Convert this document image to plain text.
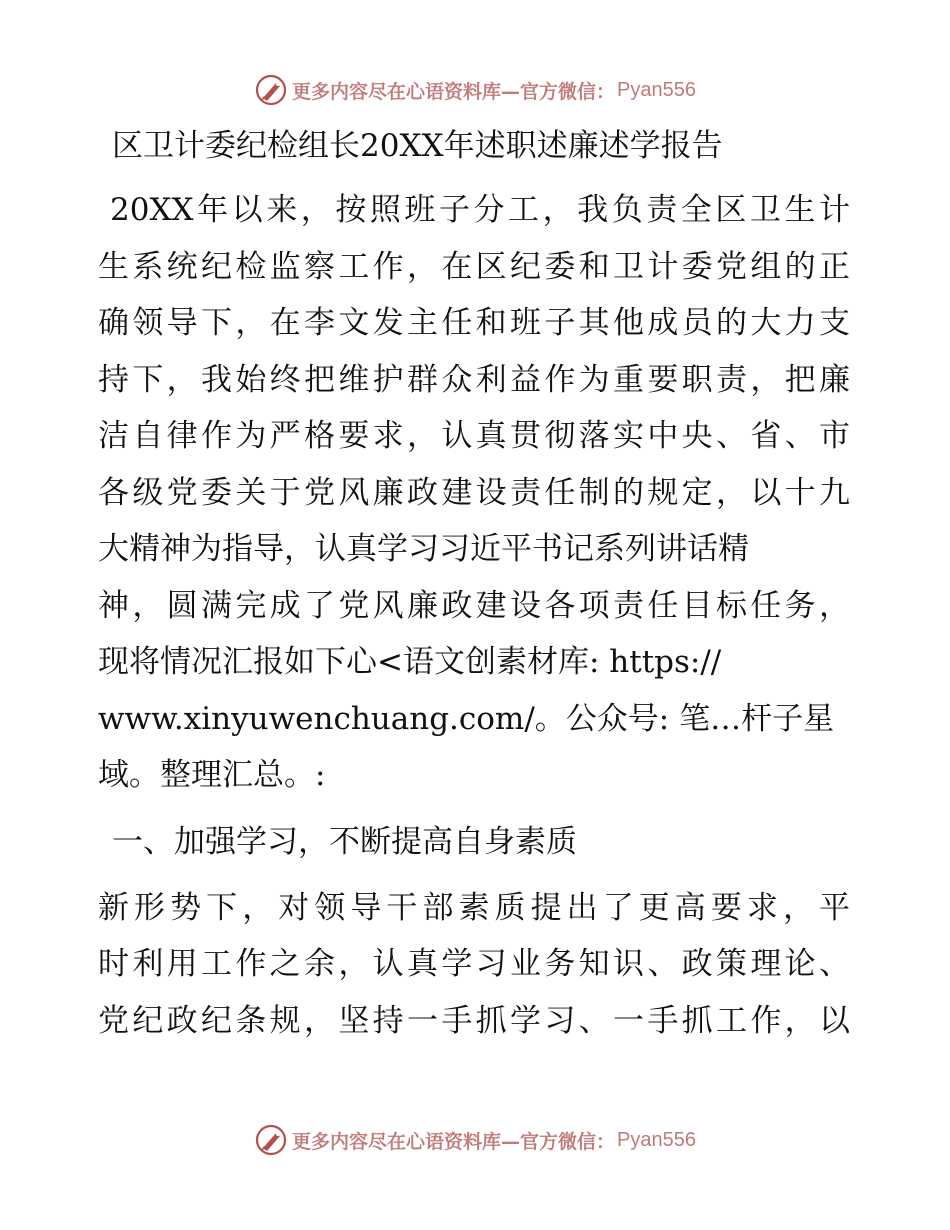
更多内容尽在心语资料库—官方微信： Pyan556
区卫计委纪检组长20XX年述职述廉述学报告
20XX年以来，按照班子分工，我负责全区卫生计
生系统纪检监察工作，在区纪委和卫计委党组的正
确领导下，在李文发主任和班子其他成员的大力支
持下，我始终把维护群众利益作为重要职责，把廉
洁自律作为严格要求，认真贯彻落实中央、省、市
各级党委关于党风廉政建设责任制的规定，以十九
大精神为指导，认真学习习近平书记系列讲话精
神，圆满完成了党风廉政建设各项责任目标任务，
现将情况汇报如下心<语文创素材库: https://
www.xinyuwenchuang.com/。公众号: 笔…杆子星
域。整理汇总。:
一、加强学习，不断提高自身素质
新形势下，对领导干部素质提出了更高要求，平
时利用工作之余，认真学习业务知识、政策理论、
党纪政纪条规，坚持一手抓学习、一手抓工作，以
更多内容尽在心语资料库—官方微信： Pyan556
